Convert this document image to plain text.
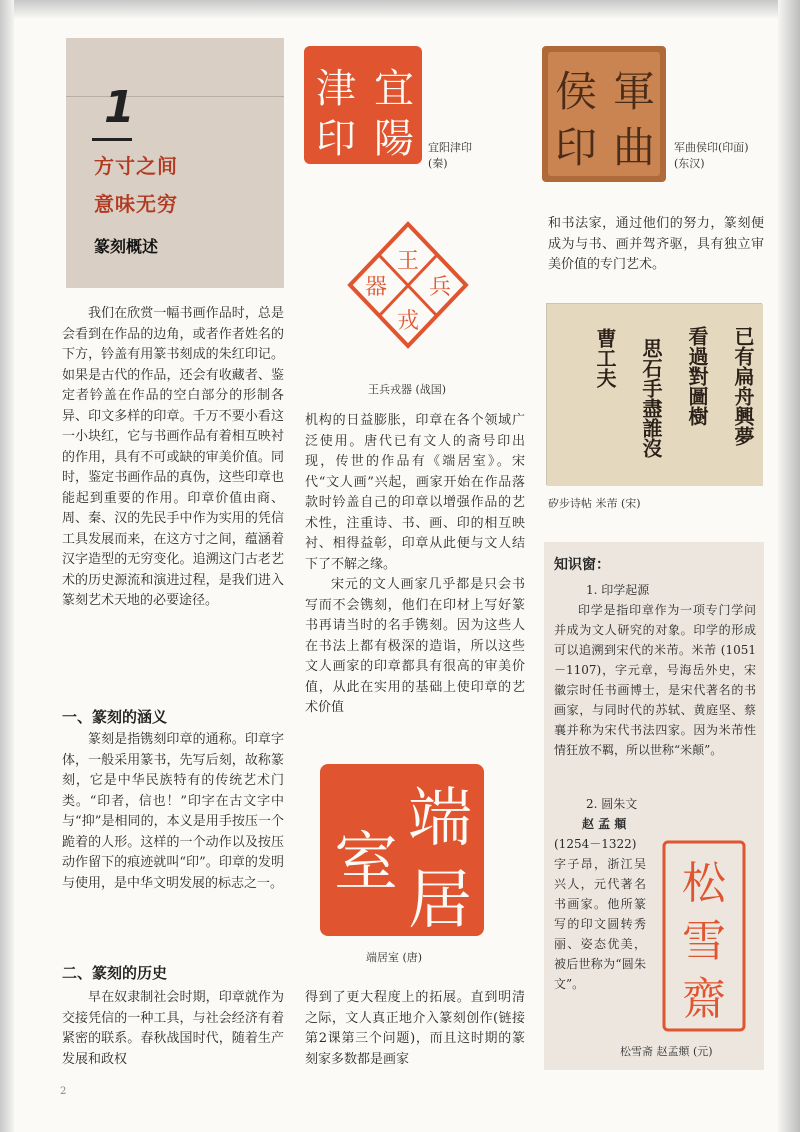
1
方寸之间
意味无穷
篆刻概述

我们在欣赏一幅书画作品时，总是会看到在作品的边角，或者作者姓名的下方，钤盖有用篆书刻成的朱红印记。如果是古代的作品，还会有收藏者、鉴定者钤盖在作品的空白部分的形制各异、印文多样的印章。千万不要小看这一小块红，它与书画作品有着相互映衬的作用，具有不可或缺的审美价值。同时，鉴定书画作品的真伪，这些印章也能起到重要的作用。印章价值由商、周、秦、汉的先民手中作为实用的凭信工具发展而来，在这方寸之间，蕴涵着汉字造型的无穷变化。追溯这门古老艺术的历史源流和演进过程，是我们进入篆刻艺术天地的必要途径。

一、篆刻的涵义

篆刻是指镌刻印章的通称。印章字体，一般采用篆书，先写后刻，故称篆刻，它是中华民族特有的传统艺术门类。“印者，信也！”印字在古文字中与“抑”是相同的，本义是用手按压一个跪着的人形。这样的一个动作以及按压动作留下的痕迹就叫“印”。印章的发明与使用，是中华文明发展的标志之一。

二、篆刻的历史

早在奴隶制社会时期，印章就作为交接凭信的一种工具，与社会经济有着紧密的联系。春秋战国时代，随着生产发展和政权

机构的日益膨胀，印章在各个领域广泛使用。唐代已有文人的斋号印出现，传世的作品有《端居室》。宋代“文人画”兴起，画家开始在作品落款时钤盖自己的印章以增强作品的艺术性，注重诗、书、画、印的相互映衬、相得益彰，印章从此便与文人结下了不解之缘。

宋元的文人画家几乎都是只会书写而不会镌刻，他们在印材上写好篆书再请当时的名手镌刻。因为这些人在书法上都有极深的造诣，所以这些文人画家的印章都具有很高的审美价值，从此在实用的基础上使印章的艺术价值

得到了更大程度上的拓展。直到明清之际，文人真正地介入篆刻创作(链接第2课第三个问题)，而且这时期的篆刻家多数都是画家

和书法家，通过他们的努力，篆刻便成为与书、画并驾齐驱，具有独立审美价值的专门艺术。

宜
陽
津
印	宜阳津印
(秦)
軍
曲
侯
印	军曲侯印(印面)
(东汉)
王
兵
戎
器
王兵戎器 (战国)
端
居
室
端居室 (唐)
已有扁舟興夢
看過對圖樹
思石手盡誰沒
曹工夫
矽步诗帖 米芾 (宋)
知识窗：
1. 印学起源

印学是指印章作为一项专门学问并成为文人研究的对象。印学的形成可以追溯到宋代的米芾。米芾 (1051－1107)，字元章，号海岳外史，宋徽宗时任书画博士，是宋代著名的书画家，与同时代的苏轼、黄庭坚、蔡襄并称为宋代书法四家。因为米芾性情狂放不羁，所以世称“米颠”。

2. 圆朱文
赵 孟 頫
(1254－1322)

字子昂，浙江吴兴人，元代著名书画家。他所篆写的印文圆转秀丽、姿态优美，被后世称为“圆朱文”。

松
雪
齋
松雪斋 赵孟頫 (元)
2
